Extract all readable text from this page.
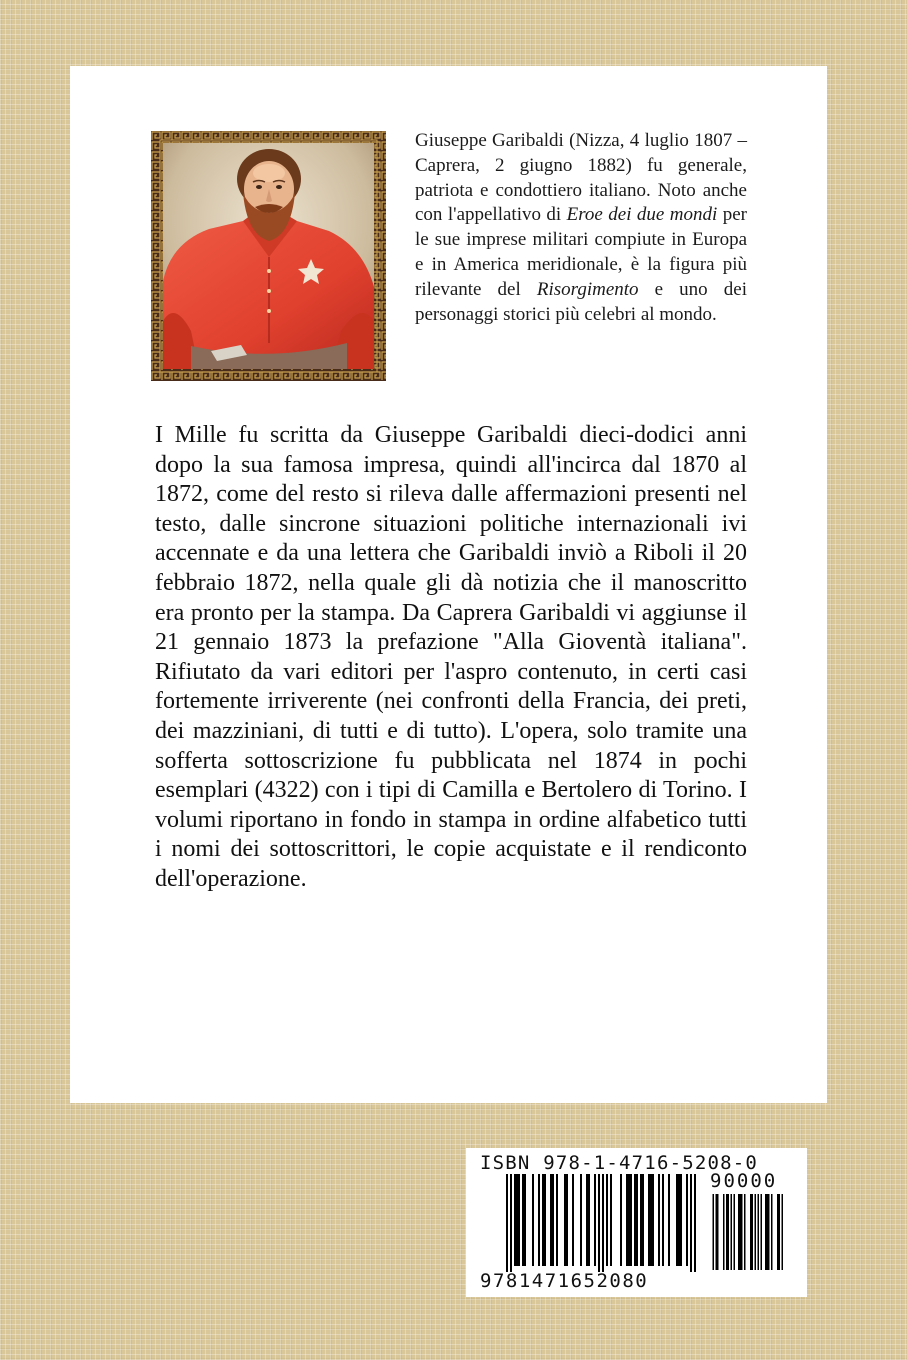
Giuseppe Garibaldi (Nizza, 4 luglio 1807 – Caprera, 2 giugno 1882) fu generale, patriota e condottiero italiano. Noto anche con l'appellativo di Eroe dei due mondi per le sue imprese militari compiute in Europa e in America meridionale, è la figura più rilevante del Risorgimento e uno dei personaggi storici più celebri al mondo.

I Mille fu scritta da Giuseppe Garibaldi dieci-dodici anni dopo la sua famosa impresa, quindi all'incirca dal 1870 al 1872, come del resto si rileva dalle affermazioni presenti nel testo, dalle sincrone situazioni politiche internazionali ivi accennate e da una lettera che Garibaldi inviò a Riboli il 20 febbraio 1872, nella quale gli dà notizia che il manoscritto era pronto per la stampa. Da Caprera Garibaldi vi aggiunse il 21 gennaio 1873 la prefazione "Alla Gioventà italiana". Rifiutato da vari editori per l'aspro contenuto, in certi casi fortemente irriverente (nei confronti della Francia, dei preti, dei mazziniani, di tutti e di tutto). L'opera, solo tramite una sofferta sottoscrizione fu pubblicata nel 1874 in pochi esemplari (4322) con i tipi di Camilla e Bertolero di Torino. I volumi riportano in fondo in stampa in ordine alfabetico tutti i nomi dei sottoscrittori, le copie acquistate e il rendiconto dell'operazione.

ISBN 978-1-4716-5208-0
90000
9781471652080
